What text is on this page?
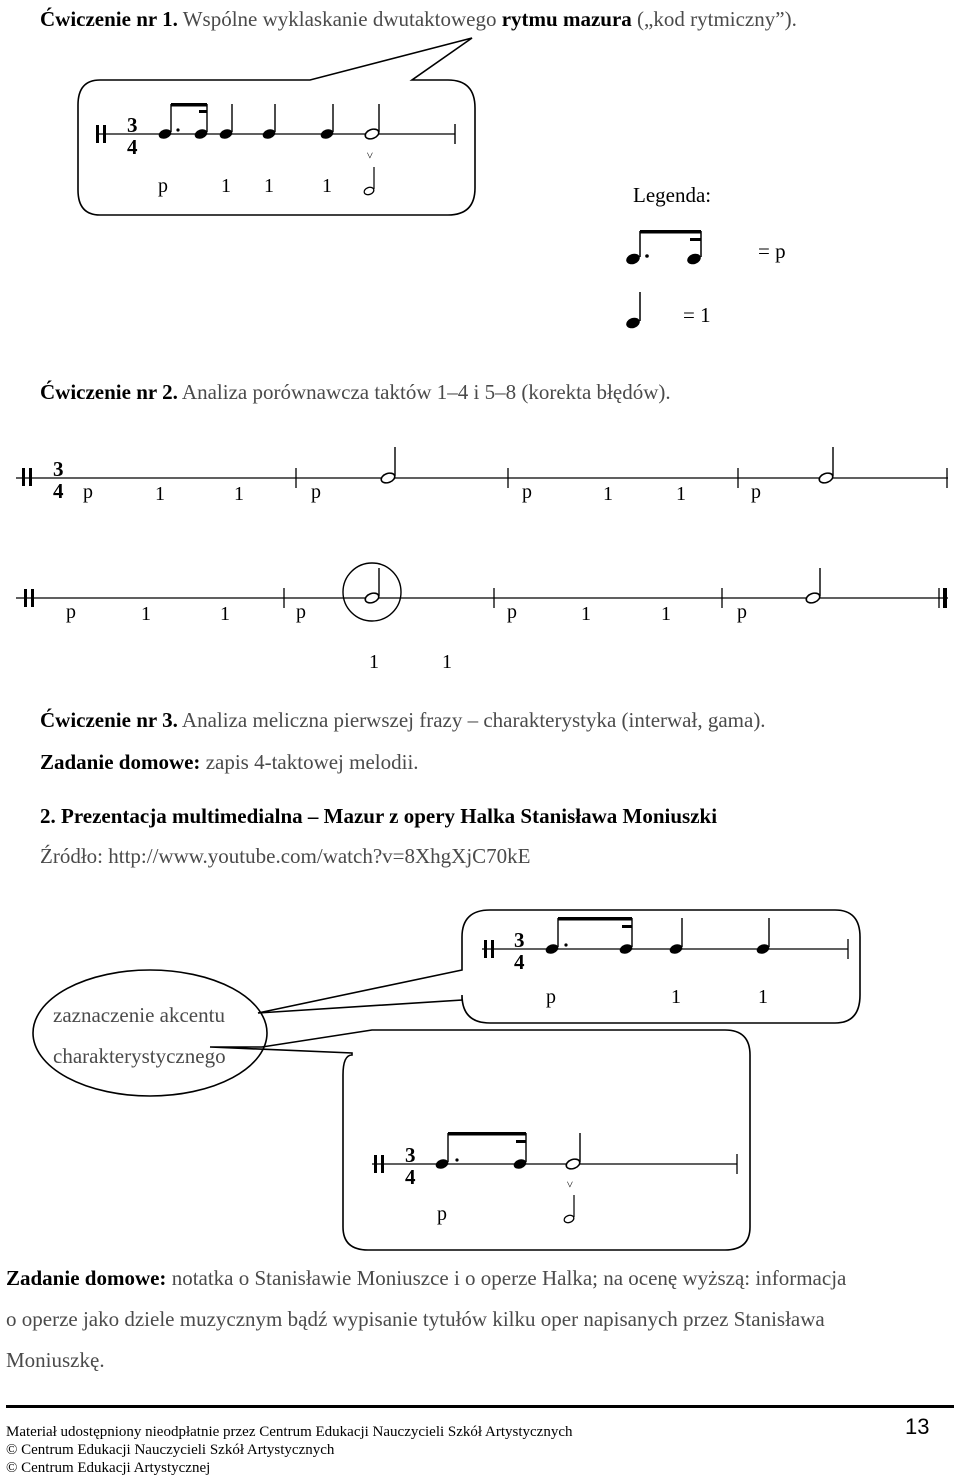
Ćwiczenie nr 1. Wspólne wyklaskanie dwutaktowego rytmu mazura („kod rytmiczny”).
3
4	>
p	1 1 1	Legenda:
= p
= 1
Ćwiczenie nr 2. Analiza porównawcza taktów 1–4 i 5–8 (korekta błędów).
3
4 p	1	1	p	p	1	1	p
p	1	1	p	p	1	1	p
1	1
Ćwiczenie nr 3. Analiza meliczna pierwszej frazy – charakterystyka (interwał, gama).
Zadanie domowe: zapis 4-taktowej melodii.
2. Prezentacja multimedialna – Mazur z opery Halka Stanisława Moniuszki
Źródło: http://www.youtube.com/watch?v=8XhgXjC70kE
3
4
p	1	1
3
4	>
p
zaznaczenie akcentu
charakterystycznego
Zadanie domowe: notatka o Stanisławie Moniuszce i o operze Halka; na ocenę wyższą: informacja
o operze jako dziele muzycznym bądź wypisanie tytułów kilku oper napisanych przez Stanisława
Moniuszkę.
Materiał udostępniony nieodpłatnie przez Centrum Edukacji Nauczycieli Szkół Artystycznych
© Centrum Edukacji Nauczycieli Szkół Artystycznych
© Centrum Edukacji Artystycznej
13
